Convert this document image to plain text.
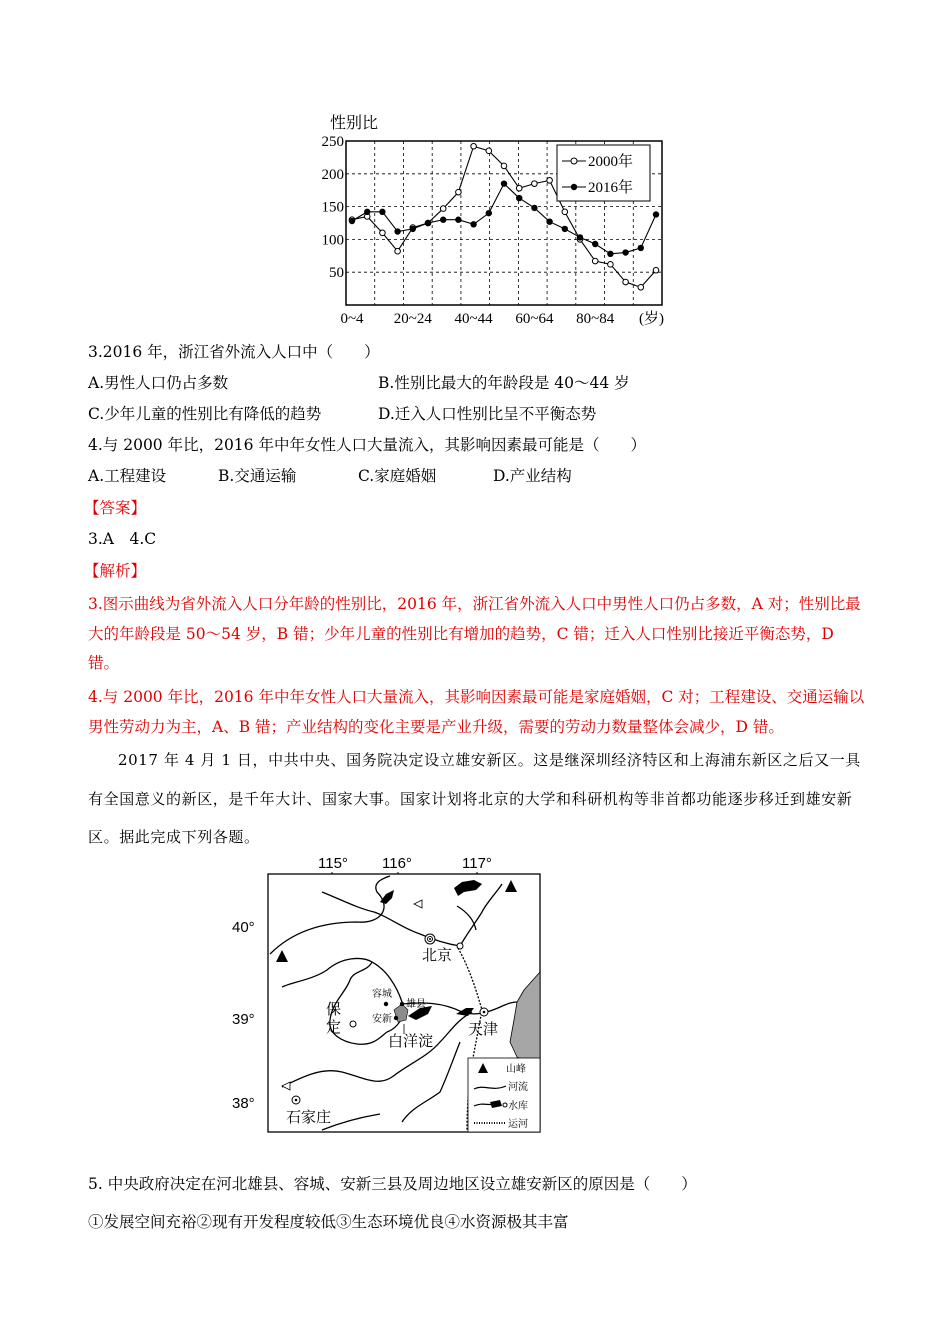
性别比
250
200
150
100
50
0~4 20~24 40~44 60~64 80~84 (岁)
2000年
2016年
3.2016 年，浙江省外流入人口中（　　）
A.男性人口仍占多数	B.性别比最大的年龄段是 40～44 岁
C.少年儿童的性别比有降低的趋势	D.迁入人口性别比呈不平衡态势
4.与 2000 年比，2016 年中年女性人口大量流入，其影响因素最可能是（　　）
A.工程建设	B.交通运输	C.家庭婚姻	D.产业结构
【答案】
3.A　4.C
【解析】
3.图示曲线为省外流入人口分年龄的性别比，2016 年，浙江省外流入人口中男性人口仍占多数，A 对；性别比最大的年龄段是 50～54 岁，B 错；少年儿童的性别比有增加的趋势，C 错；迁入人口性别比接近平衡态势，D 错。
4.与 2000 年比，2016 年中年女性人口大量流入，其影响因素最可能是家庭婚姻，C 对；工程建设、交通运输以男性劳动力为主，A、B 错；产业结构的变化主要是产业升级，需要的劳动力数量整体会减少，D 错。
2017 年 4 月 1 日，中共中央、国务院决定设立雄安新区。这是继深圳经济特区和上海浦东新区之后又一具有全国意义的新区，是千年大计、国家大事。国家计划将北京的大学和科研机构等非首都功能逐步移迁到雄安新区。据此完成下列各题。
115° 116°	117°
40°
39°
38°
北京
天津
保
定
石家庄
容城
雄县
安新
白洋淀
山峰
河流
水库
运河
5. 中央政府决定在河北雄县、容城、安新三县及周边地区设立雄安新区的原因是（　　）
①发展空间充裕②现有开发程度较低③生态环境优良④水资源极其丰富
